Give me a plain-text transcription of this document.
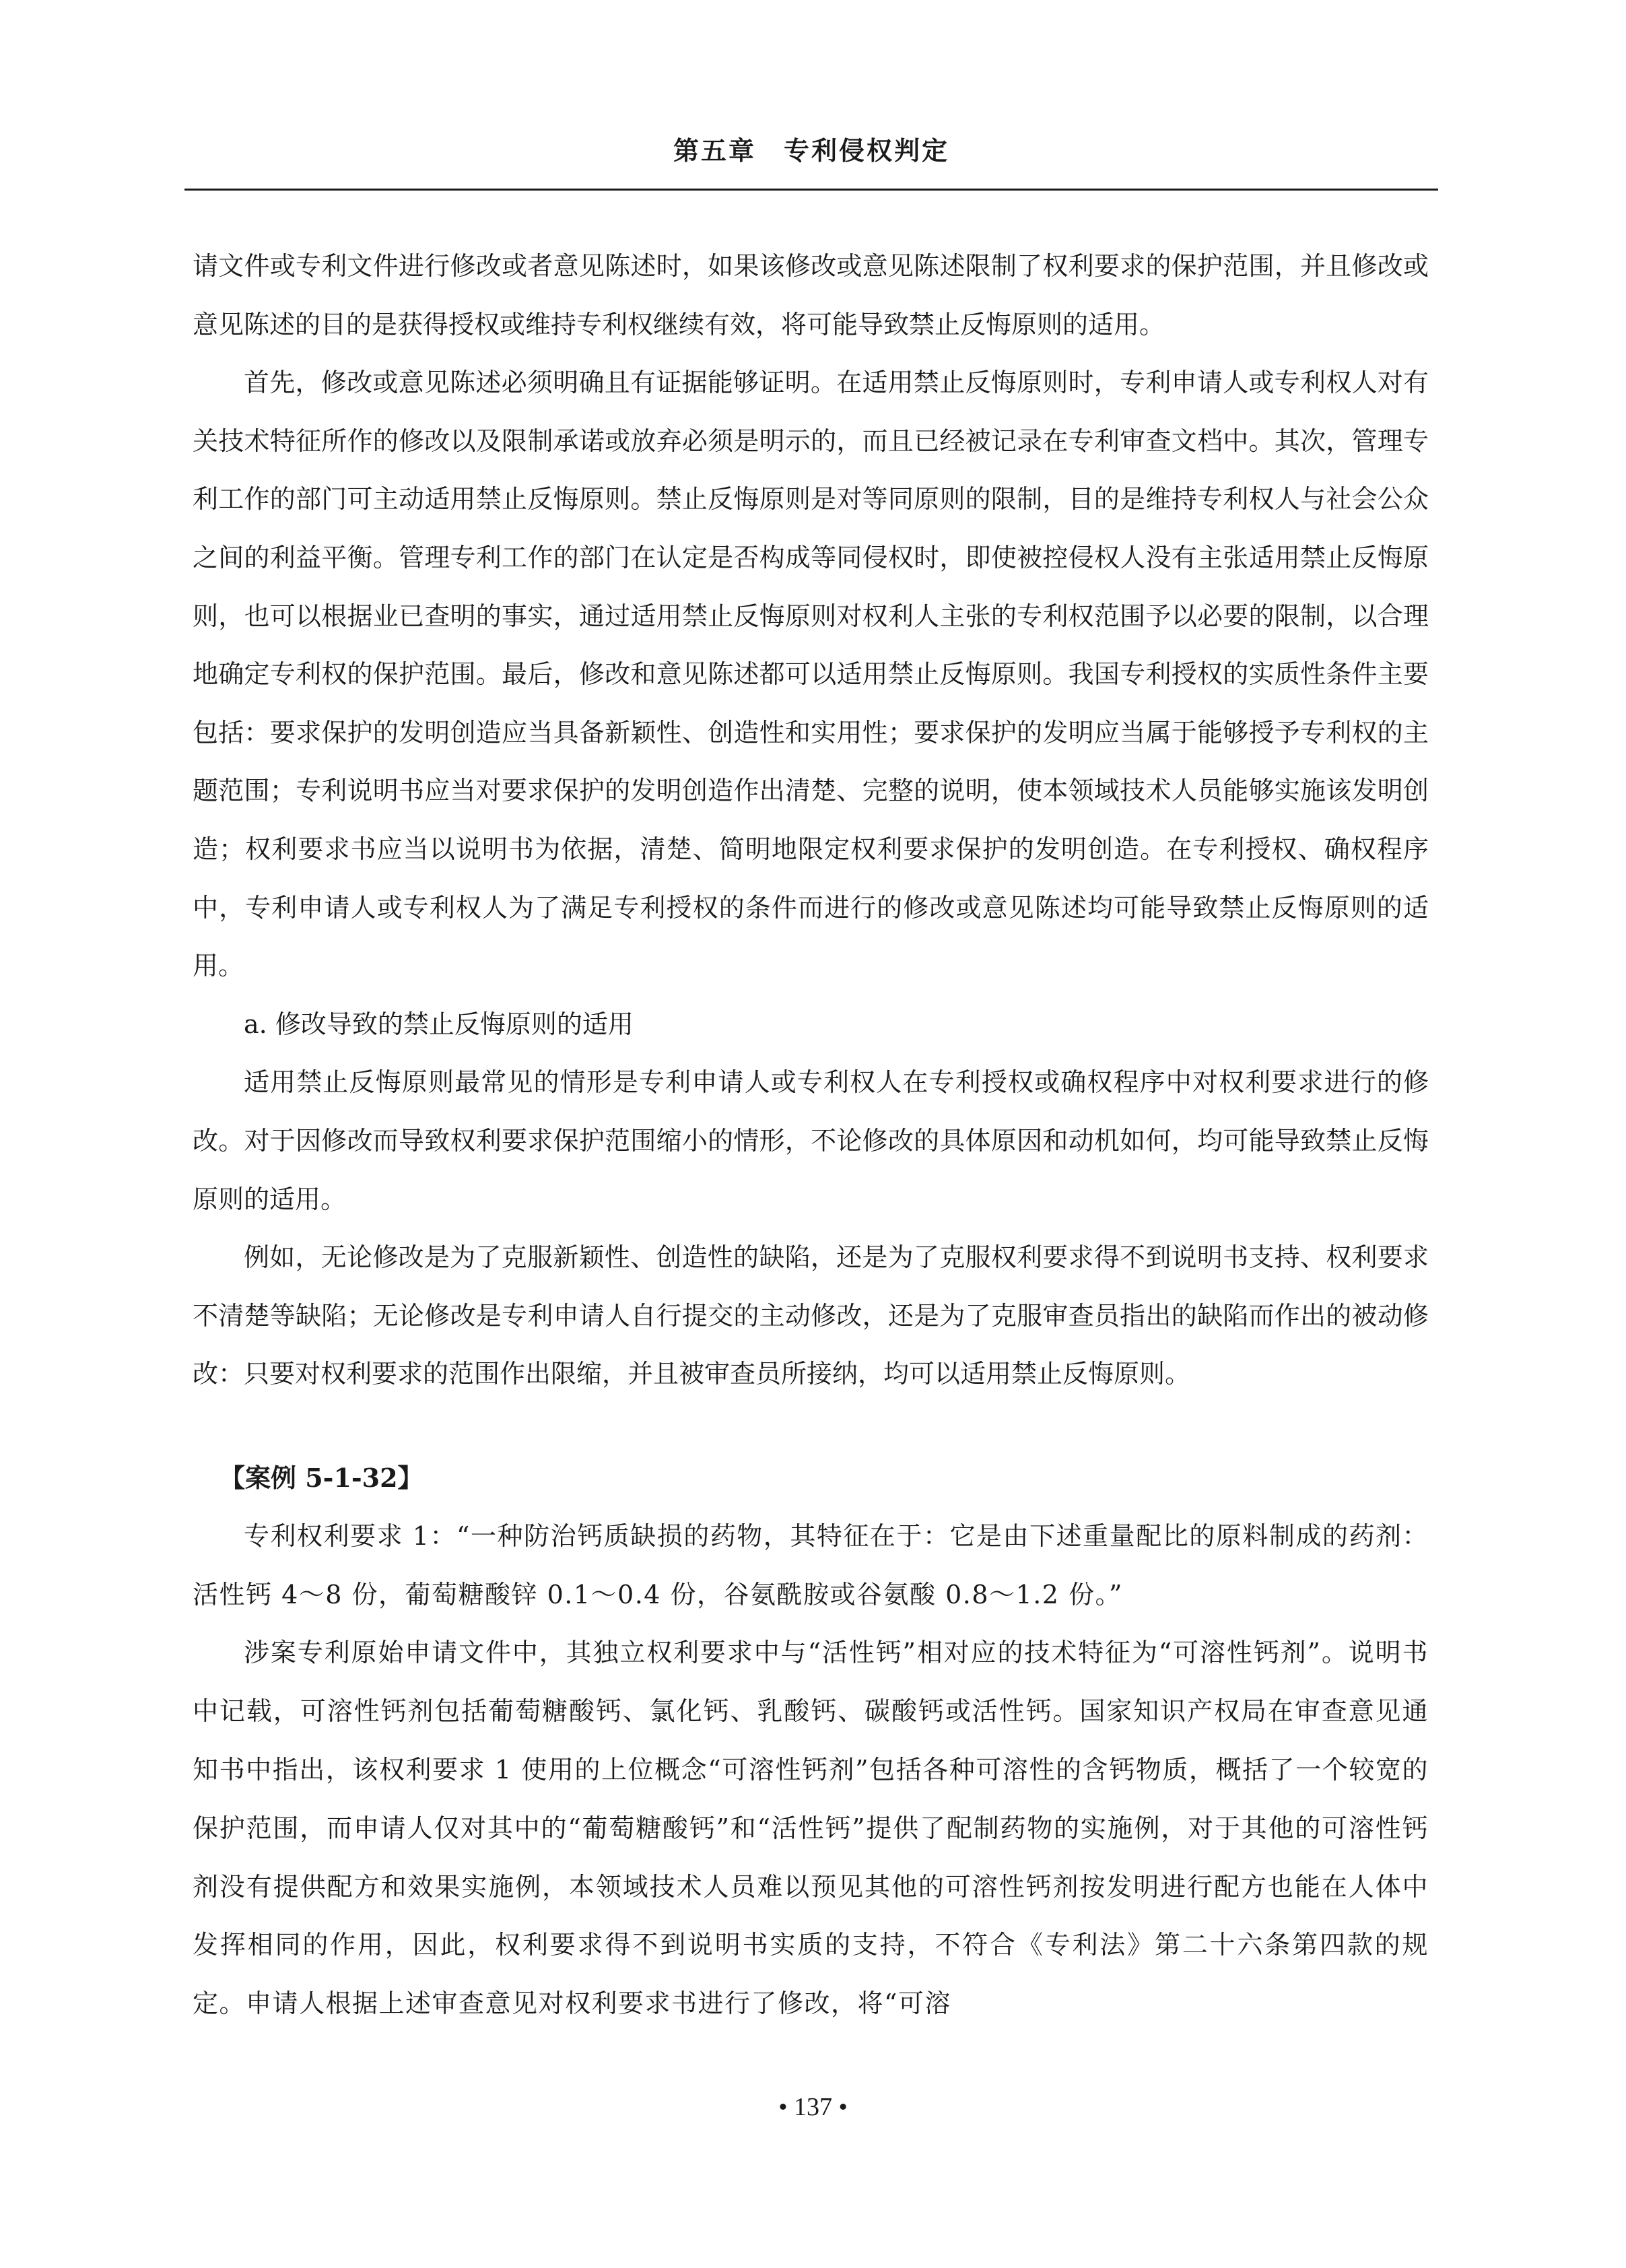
第五章　专利侵权判定

请文件或专利文件进行修改或者意见陈述时，如果该修改或意见陈述限制了权利要求的保护范围，并且修改或意见陈述的目的是获得授权或维持专利权继续有效，将可能导致禁止反悔原则的适用。

首先，修改或意见陈述必须明确且有证据能够证明。在适用禁止反悔原则时，专利申请人或专利权人对有关技术特征所作的修改以及限制承诺或放弃必须是明示的，而且已经被记录在专利审查文档中。其次，管理专利工作的部门可主动适用禁止反悔原则。禁止反悔原则是对等同原则的限制，目的是维持专利权人与社会公众之间的利益平衡。管理专利工作的部门在认定是否构成等同侵权时，即使被控侵权人没有主张适用禁止反悔原则，也可以根据业已查明的事实，通过适用禁止反悔原则对权利人主张的专利权范围予以必要的限制，以合理地确定专利权的保护范围。最后，修改和意见陈述都可以适用禁止反悔原则。我国专利授权的实质性条件主要包括：要求保护的发明创造应当具备新颖性、创造性和实用性；要求保护的发明应当属于能够授予专利权的主题范围；专利说明书应当对要求保护的发明创造作出清楚、完整的说明，使本领域技术人员能够实施该发明创造；权利要求书应当以说明书为依据，清楚、简明地限定权利要求保护的发明创造。在专利授权、确权程序中，专利申请人或专利权人为了满足专利授权的条件而进行的修改或意见陈述均可能导致禁止反悔原则的适用。

a. 修改导致的禁止反悔原则的适用

适用禁止反悔原则最常见的情形是专利申请人或专利权人在专利授权或确权程序中对权利要求进行的修改。对于因修改而导致权利要求保护范围缩小的情形，不论修改的具体原因和动机如何，均可能导致禁止反悔原则的适用。

例如，无论修改是为了克服新颖性、创造性的缺陷，还是为了克服权利要求得不到说明书支持、权利要求不清楚等缺陷；无论修改是专利申请人自行提交的主动修改，还是为了克服审查员指出的缺陷而作出的被动修改：只要对权利要求的范围作出限缩，并且被审查员所接纳，均可以适用禁止反悔原则。

【案例 5-1-32】

专利权利要求 1：“一种防治钙质缺损的药物，其特征在于：它是由下述重量配比的原料制成的药剂：活性钙 4～8 份，葡萄糖酸锌 0.1～0.4 份，谷氨酰胺或谷氨酸 0.8～1.2 份。”

涉案专利原始申请文件中，其独立权利要求中与“活性钙”相对应的技术特征为“可溶性钙剂”。说明书中记载，可溶性钙剂包括葡萄糖酸钙、氯化钙、乳酸钙、碳酸钙或活性钙。国家知识产权局在审查意见通知书中指出，该权利要求 1 使用的上位概念“可溶性钙剂”包括各种可溶性的含钙物质，概括了一个较宽的保护范围，而申请人仅对其中的“葡萄糖酸钙”和“活性钙”提供了配制药物的实施例，对于其他的可溶性钙剂没有提供配方和效果实施例，本领域技术人员难以预见其他的可溶性钙剂按发明进行配方也能在人体中发挥相同的作用，因此，权利要求得不到说明书实质的支持，不符合《专利法》第二十六条第四款的规定。申请人根据上述审查意见对权利要求书进行了修改，将“可溶

• 137 •
